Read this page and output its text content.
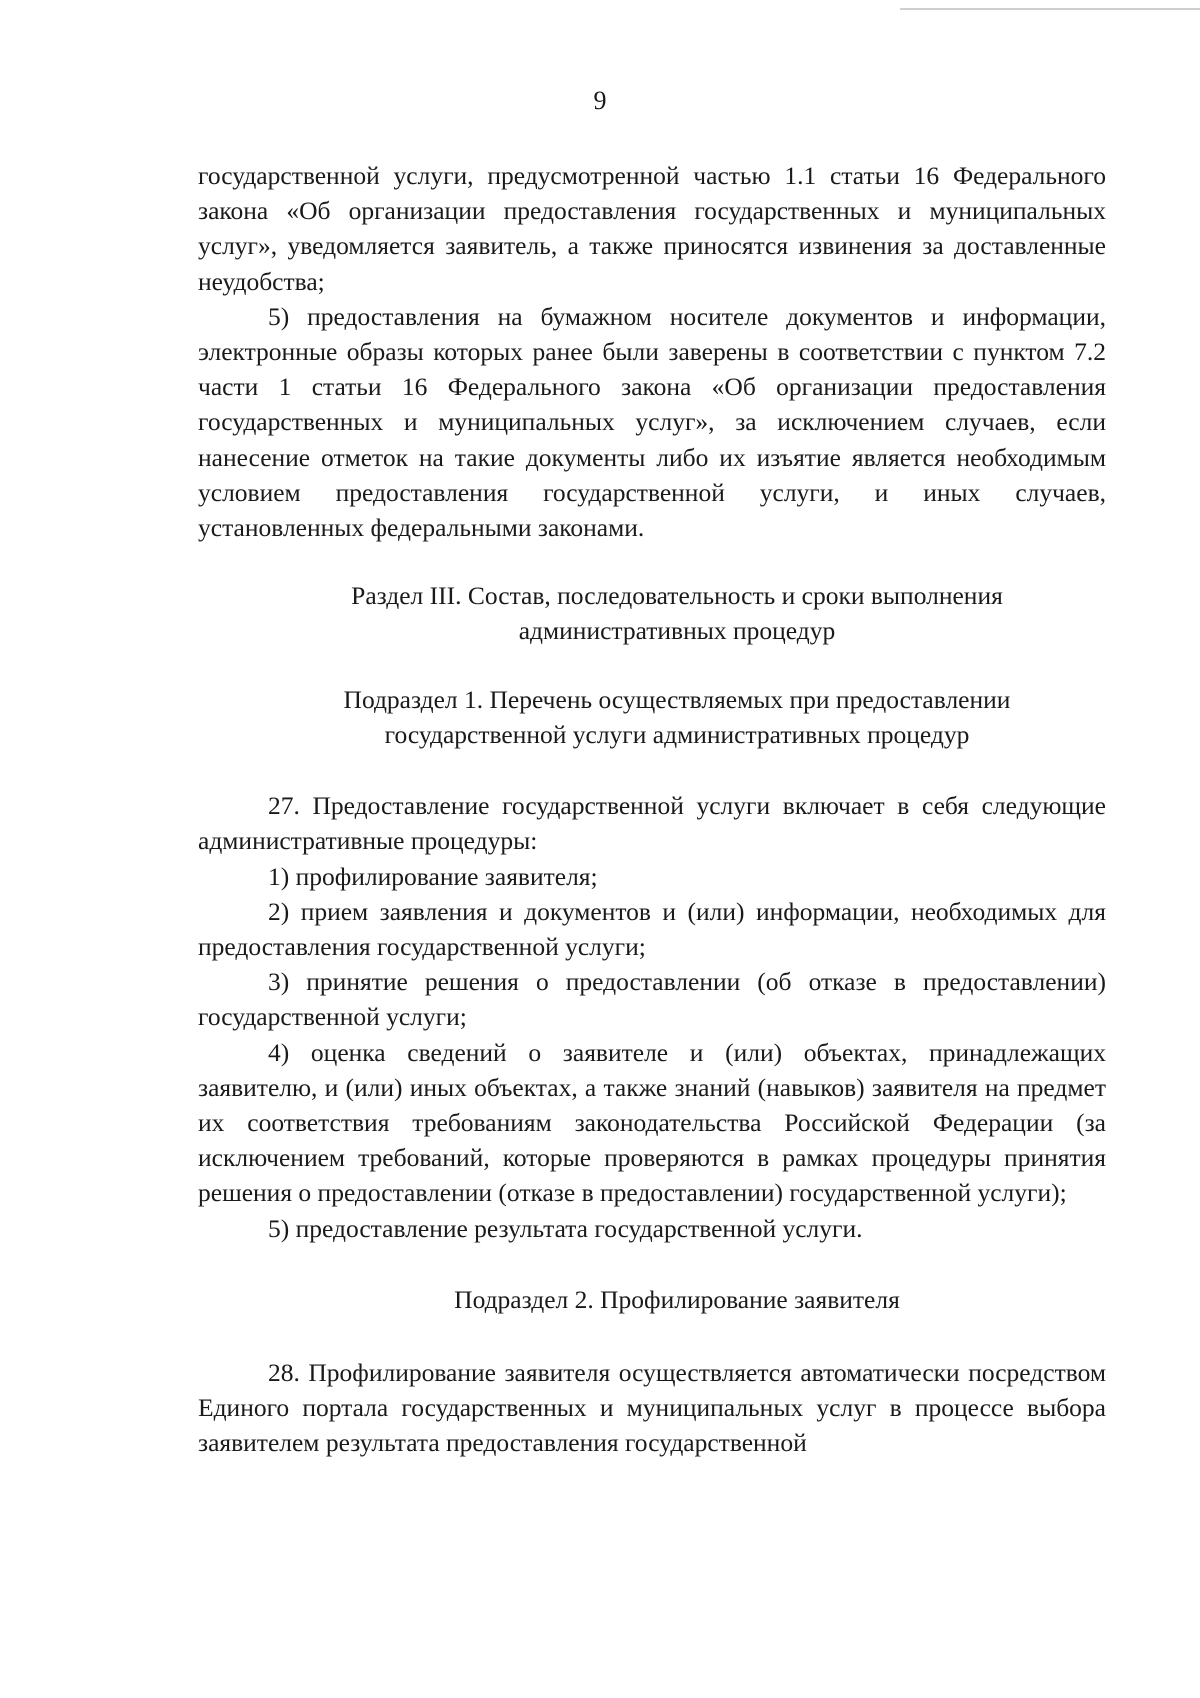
9

государственной услуги, предусмотренной частью 1.1 статьи 16 Федерального закона «Об организации предоставления государственных и муниципальных услуг», уведомляется заявитель, а также приносятся извинения за доставленные неудобства;

5) предоставления на бумажном носителе документов и информации, электронные образы которых ранее были заверены в соответствии с пунктом 7.2 части 1 статьи 16 Федерального закона «Об организации предоставления государственных и муниципальных услуг», за исключением случаев, если нанесение отметок на такие документы либо их изъятие является необходимым условием предоставления государственной услуги, и иных случаев, установленных федеральными законами.

Раздел III. Состав, последовательность и сроки выполнения
административных процедур
Подраздел 1. Перечень осуществляемых при предоставлении
государственной услуги административных процедур

27. Предоставление государственной услуги включает в себя следующие административные процедуры:

1) профилирование заявителя;

2) прием заявления и документов и (или) информации, необходимых для предоставления государственной услуги;

3) принятие решения о предоставлении (об отказе в предоставлении) государственной услуги;

4) оценка сведений о заявителе и (или) объектах, принадлежащих заявителю, и (или) иных объектах, а также знаний (навыков) заявителя на предмет их соответствия требованиям законодательства Российской Федерации (за исключением требований, которые проверяются в рамках процедуры принятия решения о предоставлении (отказе в предоставлении) государственной услуги);

5) предоставление результата государственной услуги.

Подраздел 2. Профилирование заявителя

28. Профилирование заявителя осуществляется автоматически посредством Единого портала государственных и муниципальных услуг в процессе выбора заявителем результата предоставления государственной
